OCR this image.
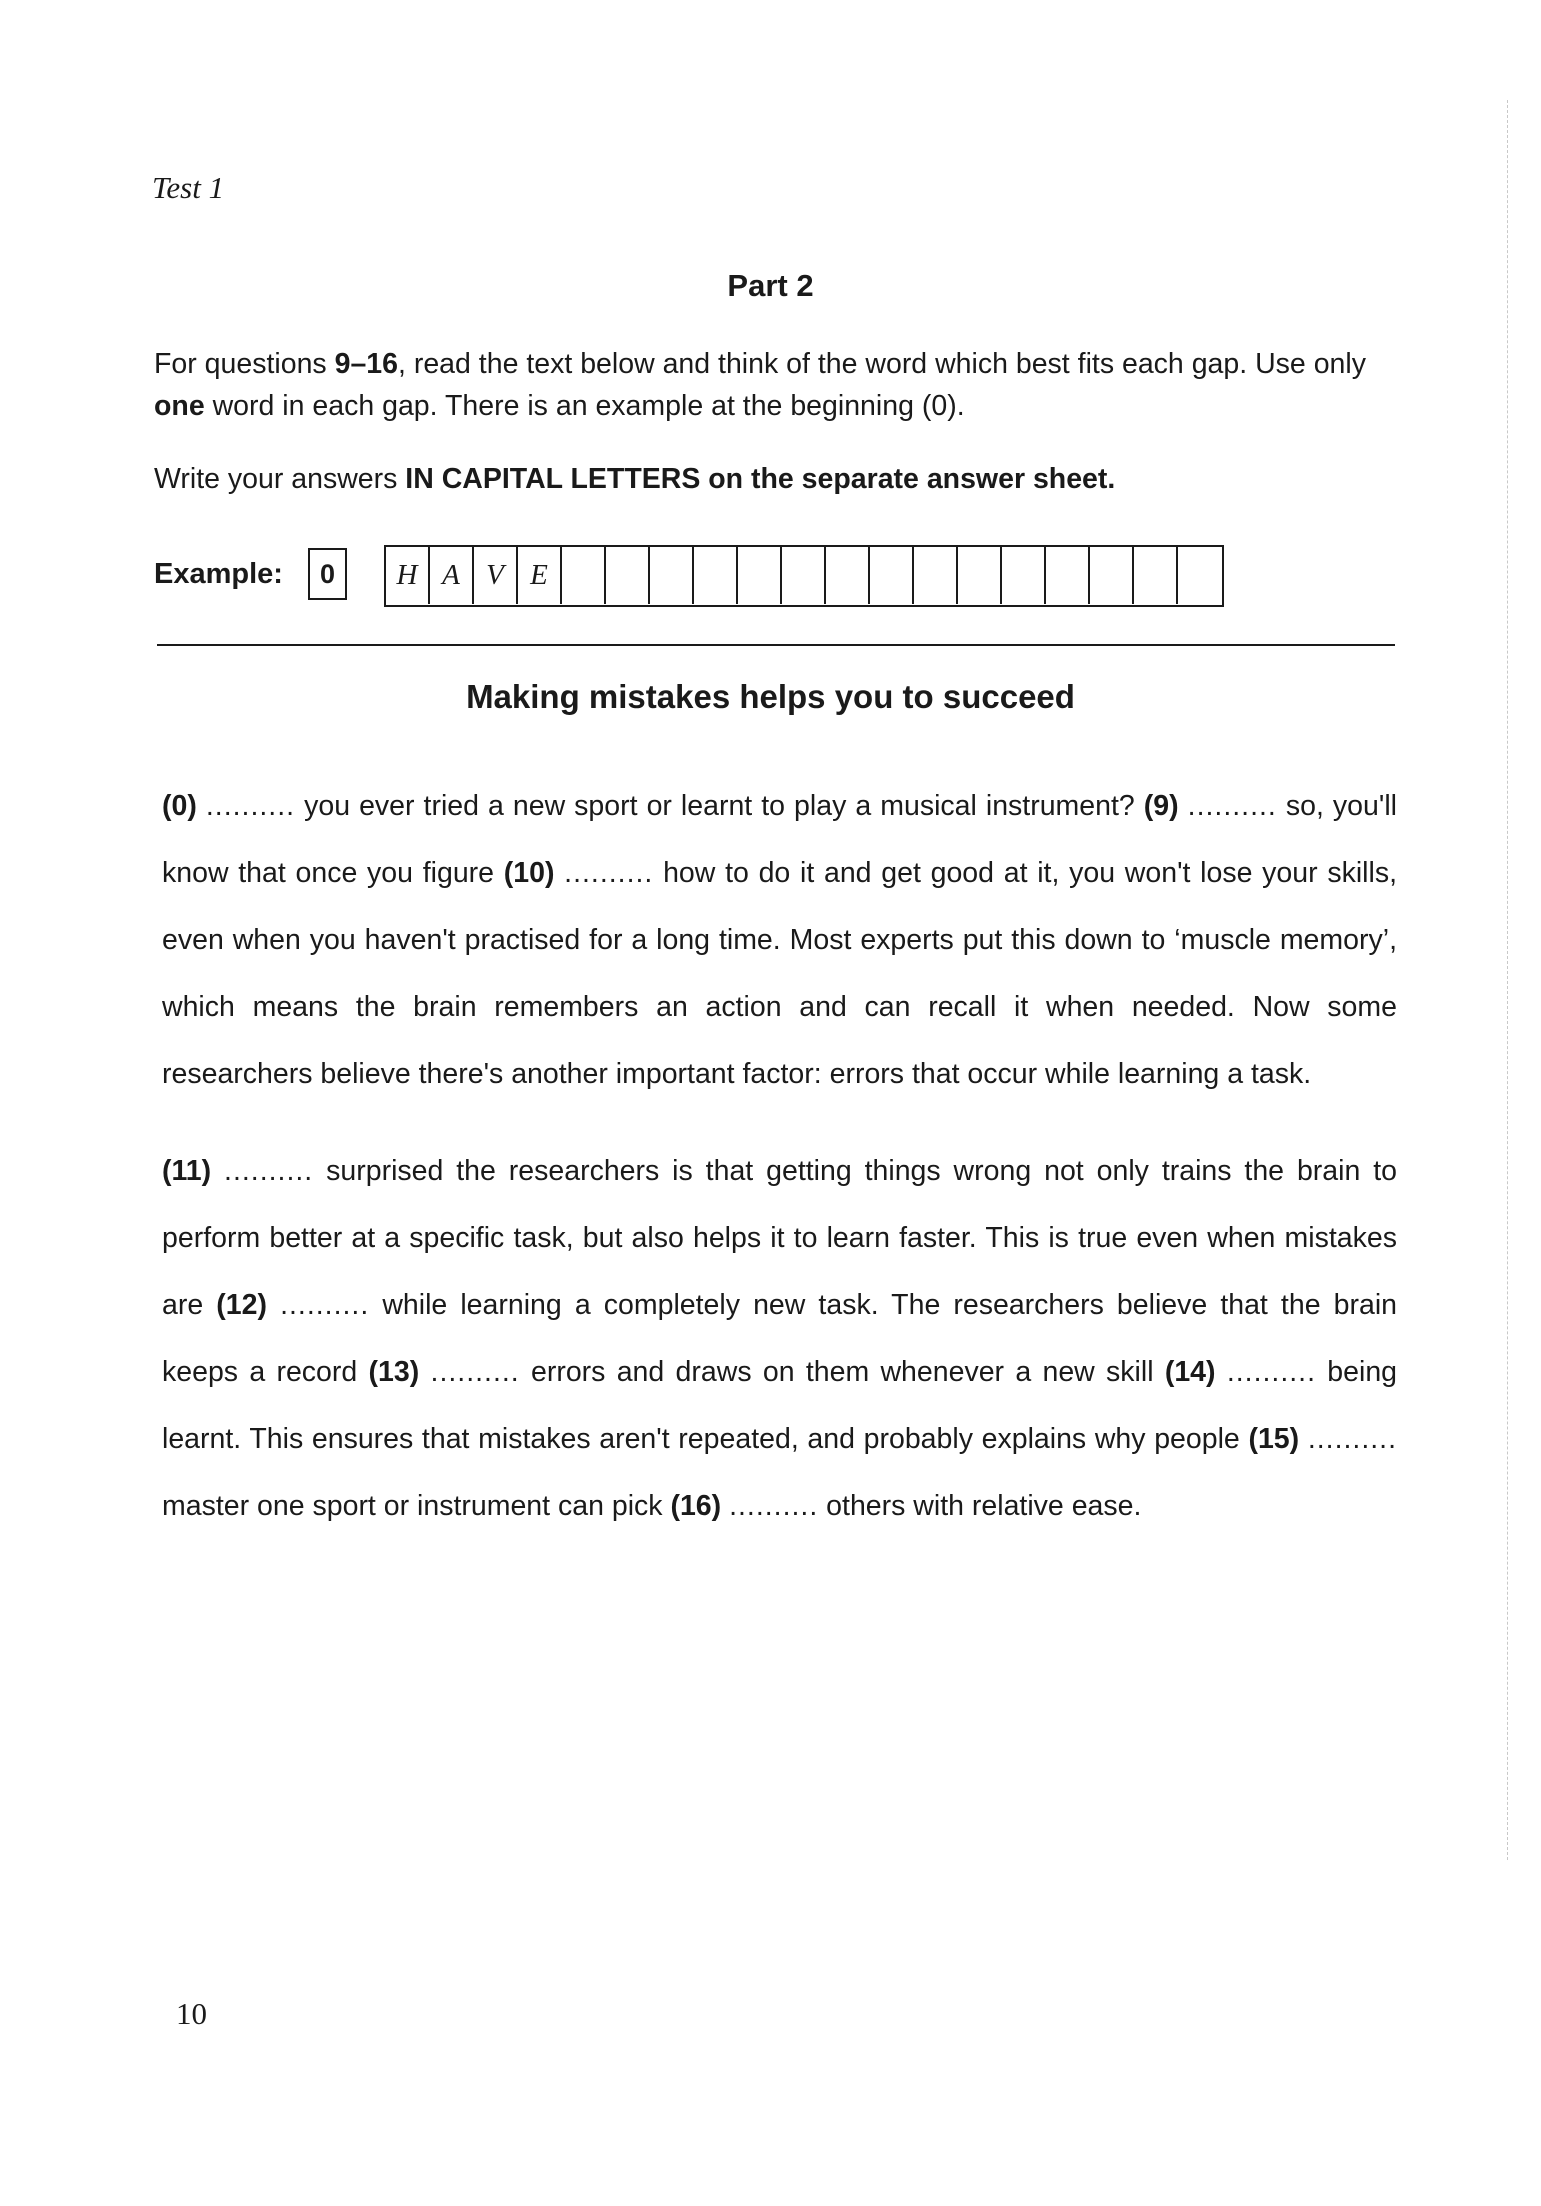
Test 1
Part 2
For questions 9–16, read the text below and think of the word which best fits each gap. Use only one word in each gap. There is an example at the beginning (0).
Write your answers IN CAPITAL LETTERS on the separate answer sheet.
Example:	0	H A V E
Making mistakes helps you to succeed
(0) .......... you ever tried a new sport or learnt to play a musical instrument? (9) .......... so, you'll know that once you figure (10) .......... how to do it and get good at it, you won't lose your skills, even when you haven't practised for a long time. Most experts put this down to ‘muscle memory’, which means the brain remembers an action and can recall it when needed. Now some researchers believe there's another important factor: errors that occur while learning a task.
(11) .......... surprised the researchers is that getting things wrong not only trains the brain to perform better at a specific task, but also helps it to learn faster. This is true even when mistakes are (12) .......... while learning a completely new task. The researchers believe that the brain keeps a record (13) .......... errors and draws on them whenever a new skill (14) .......... being learnt. This ensures that mistakes aren't repeated, and probably explains why people (15) .......... master one sport or instrument can pick (16) .......... others with relative ease.
10
